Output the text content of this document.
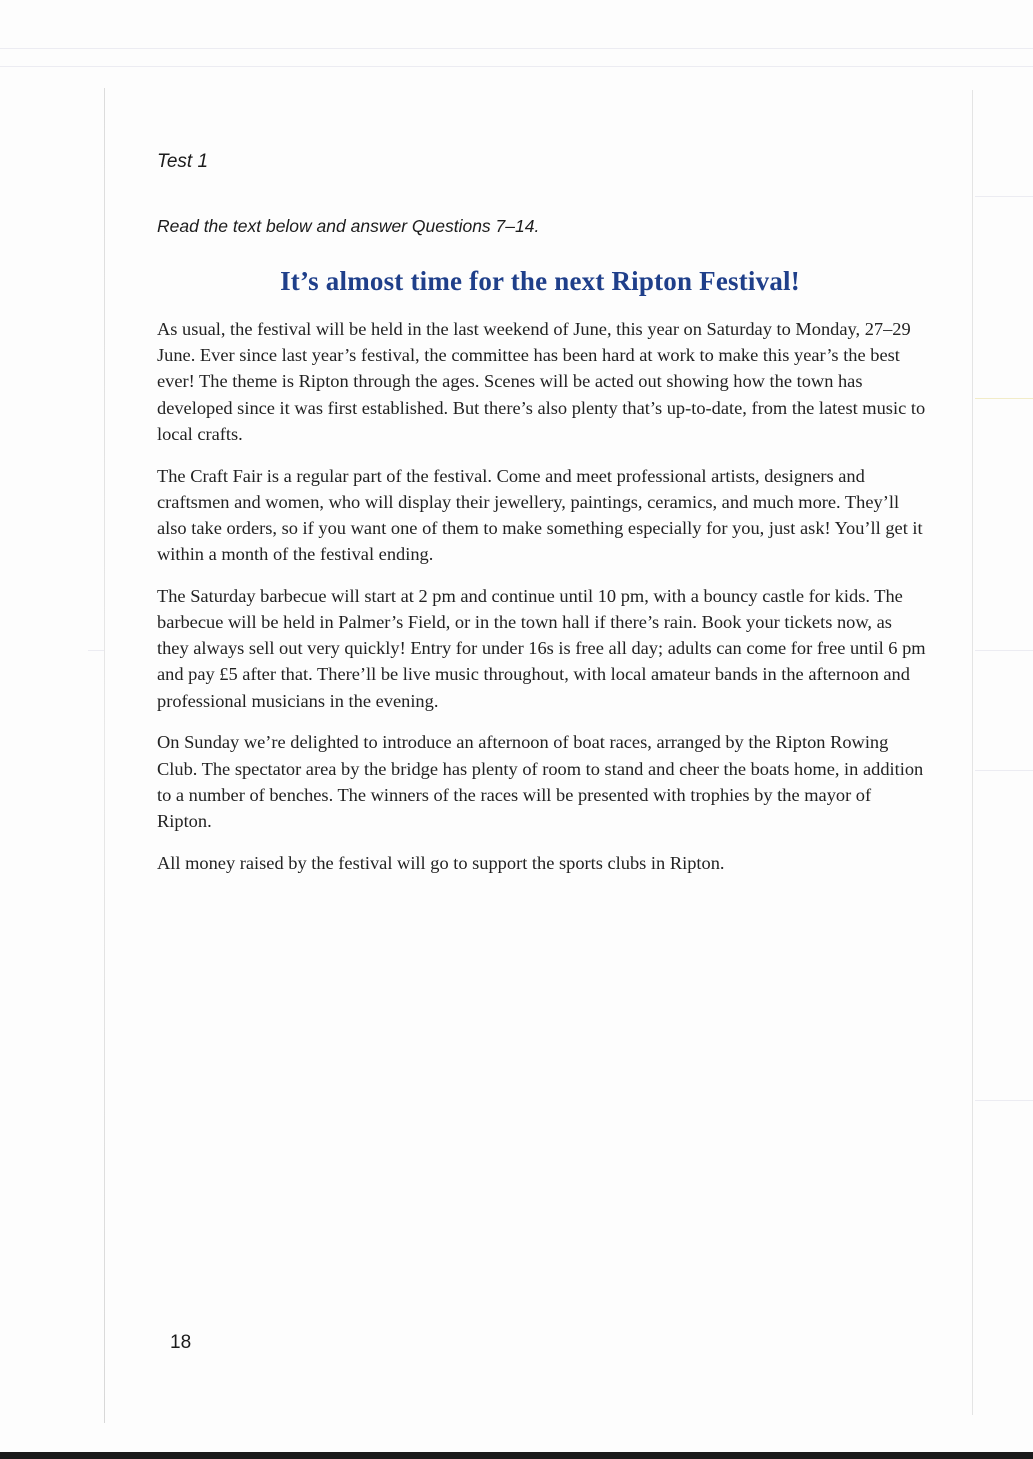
Test 1

Read the text below and answer Questions 7–14.

It’s almost time for the next Ripton Festival!

As usual, the festival will be held in the last weekend of June, this year on Saturday to Monday, 27–29 June. Ever since last year’s festival, the committee has been hard at work to make this year’s the best ever! The theme is Ripton through the ages. Scenes will be acted out showing how the town has developed since it was first established. But there’s also plenty that’s up-to-date, from the latest music to local crafts.

The Craft Fair is a regular part of the festival. Come and meet professional artists, designers and craftsmen and women, who will display their jewellery, paintings, ceramics, and much more. They’ll also take orders, so if you want one of them to make something especially for you, just ask! You’ll get it within a month of the festival ending.

The Saturday barbecue will start at 2 pm and continue until 10 pm, with a bouncy castle for kids. The barbecue will be held in Palmer’s Field, or in the town hall if there’s rain. Book your tickets now, as they always sell out very quickly! Entry for under 16s is free all day; adults can come for free until 6 pm and pay £5 after that. There’ll be live music throughout, with local amateur bands in the afternoon and professional musicians in the evening.

On Sunday we’re delighted to introduce an afternoon of boat races, arranged by the Ripton Rowing Club. The spectator area by the bridge has plenty of room to stand and cheer the boats home, in addition to a number of benches. The winners of the races will be presented with trophies by the mayor of Ripton.

All money raised by the festival will go to support the sports clubs in Ripton.

18
